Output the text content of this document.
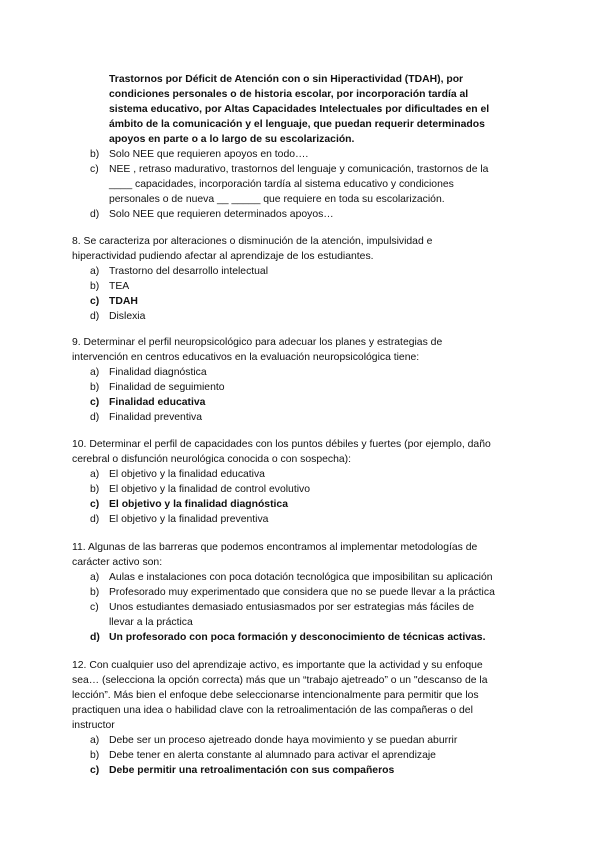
Trastornos por Déficit de Atención con o sin Hiperactividad (TDAH), por
condiciones personales o de historia escolar, por incorporación tardía al
sistema educativo, por Altas Capacidades Intelectuales por dificultades en el
ámbito de la comunicación y el lenguaje, que puedan requerir determinados
apoyos en parte o a lo largo de su escolarización.
b) Solo NEE que requieren apoyos en todo….
c) NEE , retraso madurativo, trastornos del lenguaje y comunicación, trastornos de la
____ capacidades, incorporación tardía al sistema educativo y condiciones
personales o de nueva __ _____ que requiere en toda su escolarización.
d) Solo NEE que requieren determinados apoyos…
8. Se caracteriza por alteraciones o disminución de la atención, impulsividad e
hiperactividad pudiendo afectar al aprendizaje de los estudiantes.
a) Trastorno del desarrollo intelectual
b) TEA
c) TDAH
d) Dislexia
9. Determinar el perfil neuropsicológico para adecuar los planes y estrategias de
intervención en centros educativos en la evaluación neuropsicológica tiene:
a) Finalidad diagnóstica
b) Finalidad de seguimiento
c) Finalidad educativa
d) Finalidad preventiva
10. Determinar el perfil de capacidades con los puntos débiles y fuertes (por ejemplo, daño
cerebral o disfunción neurológica conocida o con sospecha):
a) El objetivo y la finalidad educativa
b) El objetivo y la finalidad de control evolutivo
c) El objetivo y la finalidad diagnóstica
d) El objetivo y la finalidad preventiva
11. Algunas de las barreras que podemos encontramos al implementar metodologías de
carácter activo son:
a) Aulas e instalaciones con poca dotación tecnológica que imposibilitan su aplicación
b) Profesorado muy experimentado que considera que no se puede llevar a la práctica
c) Unos estudiantes demasiado entusiasmados por ser estrategias más fáciles de
llevar a la práctica
d) Un profesorado con poca formación y desconocimiento de técnicas activas.
12. Con cualquier uso del aprendizaje activo, es importante que la actividad y su enfoque
sea… (selecciona la opción correcta) más que un “trabajo ajetreado” o un "descanso de la
lección”. Más bien el enfoque debe seleccionarse intencionalmente para permitir que los
practiquen una idea o habilidad clave con la retroalimentación de las compañeras o del
instructor
a) Debe ser un proceso ajetreado donde haya movimiento y se puedan aburrir
b) Debe tener en alerta constante al alumnado para activar el aprendizaje
c) Debe permitir una retroalimentación con sus compañeros
